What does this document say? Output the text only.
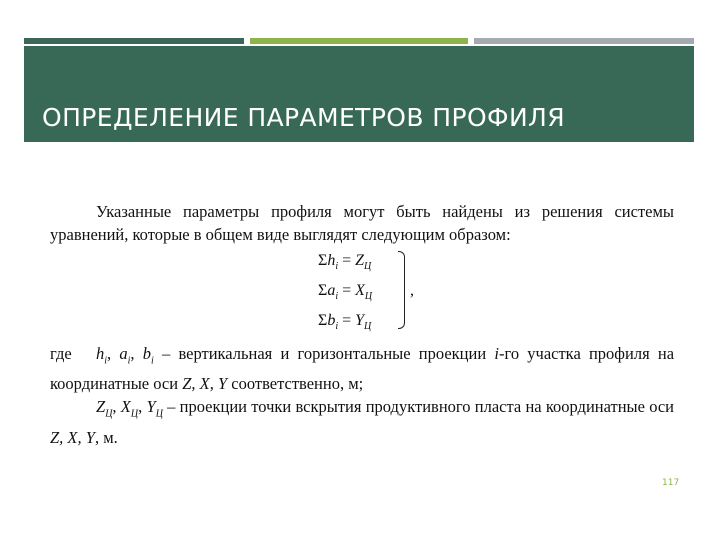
ОПРЕДЕЛЕНИЕ ПАРАМЕТРОВ ПРОФИЛЯ

Указанные параметры профиля могут быть найдены из решения системы уравнений, которые в общем виде выглядят следующим образом:

$\Sigma h_i = Z_Ц$
$\Sigma a_i = X_Ц$
$\Sigma b_i = Y_Ц$
,

где $h_i$, $a_i$, $b_i$ – вертикальная и горизонтальные проекции i-го участка профиля на координатные оси Z, X, Y соответственно, м;

$Z_Ц$, $X_Ц$, $Y_Ц$ – проекции точки вскрытия продуктивного пласта на координатные оси Z, X, Y, м.

117
